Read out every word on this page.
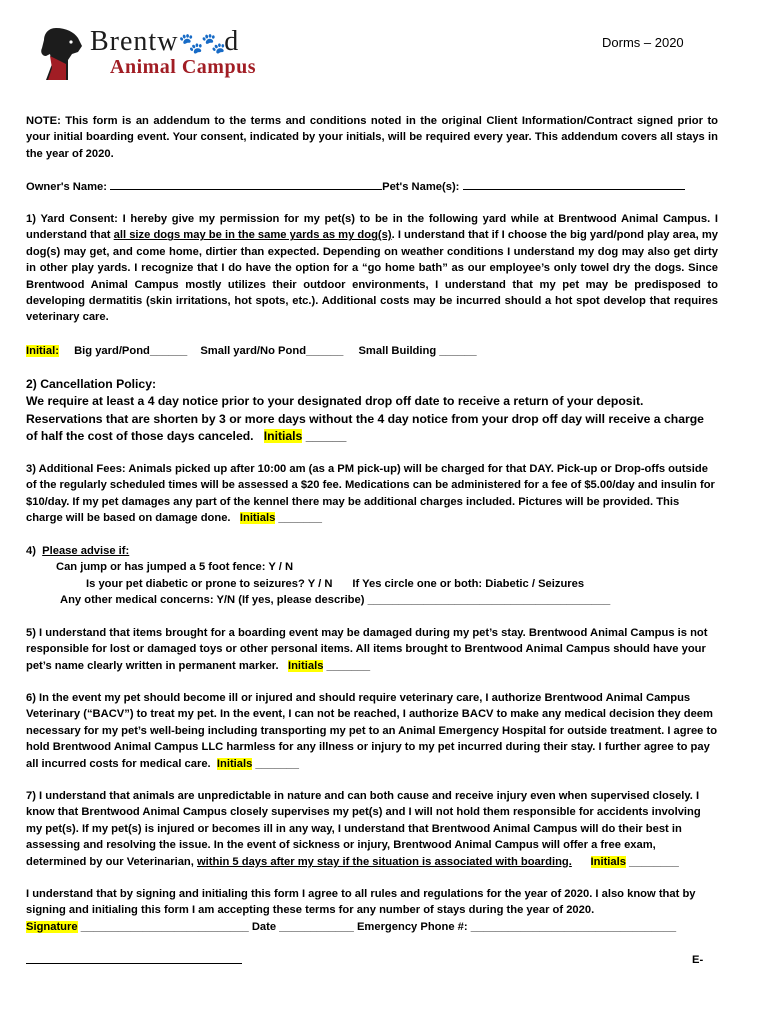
Brentw🐾🐾d
Animal Campus
Dorms – 2020
NOTE: This form is an addendum to the terms and conditions noted in the original Client Information/Contract signed prior to your initial boarding event. Your consent, indicated by your initials, will be required every year. This addendum covers all stays in the year of 2020.
Owner's Name:	Pet's Name(s):
1) Yard Consent: I hereby give my permission for my pet(s) to be in the following yard while at Brentwood Animal Campus. I understand that all size dogs may be in the same yards as my dog(s). I understand that if I choose the big yard/pond play area, my dog(s) may get, and come home, dirtier than expected. Depending on weather conditions I understand my dog may also get dirty in other play yards. I recognize that I do have the option for a “go home bath” as our employee’s only towel dry the dogs. Since Brentwood Animal Campus mostly utilizes their outdoor environments, I understand that my pet may be predisposed to developing dermatitis (skin irritations, hot spots, etc.). Additional costs may be incurred should a hot spot develop that requires veterinary care.
Initial: Big yard/Pond______ Small yard/No Pond______ Small Building ______
2) Cancellation Policy:
We require at least a 4 day notice prior to your designated drop off date to receive a return of your deposit. Reservations that are shorten by 3 or more days without the 4 day notice from your drop off day will receive a charge of half the cost of those days canceled. Initials ______
3) Additional Fees: Animals picked up after 10:00 am (as a PM pick-up) will be charged for that DAY. Pick-up or Drop-offs outside of the regularly scheduled times will be assessed a $20 fee. Medications can be administered for a fee of $5.00/day and insulin for $10/day. If my pet damages any part of the kennel there may be additional charges included. Pictures will be provided. This charge will be based on damage done. Initials _______
4) Please advise if:
Can jump or has jumped a 5 foot fence: Y / N
Is your pet diabetic or prone to seizures? Y / N If Yes circle one or both: Diabetic / Seizures
Any other medical concerns: Y/N (If yes, please describe) _______________________________________
5) I understand that items brought for a boarding event may be damaged during my pet’s stay. Brentwood Animal Campus is not responsible for lost or damaged toys or other personal items. All items brought to Brentwood Animal Campus should have your pet’s name clearly written in permanent marker. Initials _______
6) In the event my pet should become ill or injured and should require veterinary care, I authorize Brentwood Animal Campus Veterinary (“BACV”) to treat my pet. In the event, I can not be reached, I authorize BACV to make any medical decision they deem necessary for my pet’s well-being including transporting my pet to an Animal Emergency Hospital for outside treatment. I agree to hold Brentwood Animal Campus LLC harmless for any illness or injury to my pet incurred during their stay. I further agree to pay all incurred costs for medical care. Initials _______
7) I understand that animals are unpredictable in nature and can both cause and receive injury even when supervised closely. I know that Brentwood Animal Campus closely supervises my pet(s) and I will not hold them responsible for accidents involving my pet(s). If my pet(s) is injured or becomes ill in any way, I understand that Brentwood Animal Campus will do their best in assessing and resolving the issue. In the event of sickness or injury, Brentwood Animal Campus will offer a free exam, determined by our Veterinarian, within 5 days after my stay if the situation is associated with boarding. Initials ________
I understand that by signing and initialing this form I agree to all rules and regulations for the year of 2020. I also know that by signing and initialing this form I am accepting these terms for any number of stays during the year of 2020.
Signature ___________________________ Date ____________ Emergency Phone #: _________________________________
E-
